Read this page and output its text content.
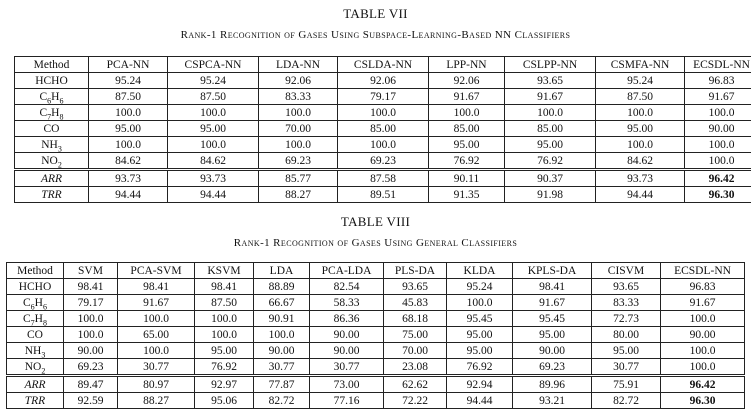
TABLE VII
Rank-1 Recognition of Gases Using Subspace-Learning-Based NN Classifiers
Method	PCA-NN	CSPCA-NN	LDA-NN	CSLDA-NN	LPP-NN	CSLPP-NN	CSMFA-NN	ECSDL-NN
HCHO	95.24	95.24	92.06	92.06	92.06	93.65	95.24	96.83
$C_6H_6$	87.50	87.50	83.33	79.17	91.67	91.67	87.50	91.67
$C_7H_8$	100.0	100.0	100.0	100.0	100.0	100.0	100.0	100.0
CO	95.00	95.00	70.00	85.00	85.00	85.00	95.00	90.00
$NH_3$	100.0	100.0	100.0	100.0	95.00	95.00	100.0	100.0
$NO_2$	84.62	84.62	69.23	69.23	76.92	76.92	84.62	100.0
ARR	93.73	93.73	85.77	87.58	90.11	90.37	93.73	96.42
TRR	94.44	94.44	88.27	89.51	91.35	91.98	94.44	96.30
TABLE VIII
Rank-1 Recognition of Gases Using General Classifiers
Method	SVM	PCA-SVM	KSVM	LDA	PCA-LDA	PLS-DA	KLDA	KPLS-DA	CISVM	ECSDL-NN
HCHO	98.41	98.41	98.41	88.89	82.54	93.65	95.24	98.41	93.65	96.83
$C_6H_6$	79.17	91.67	87.50	66.67	58.33	45.83	100.0	91.67	83.33	91.67
$C_7H_8$	100.0	100.0	100.0	90.91	86.36	68.18	95.45	95.45	72.73	100.0
CO	100.0	65.00	100.0	100.0	90.00	75.00	95.00	95.00	80.00	90.00
$NH_3$	90.00	100.0	95.00	90.00	90.00	70.00	95.00	90.00	95.00	100.0
$NO_2$	69.23	30.77	76.92	30.77	30.77	23.08	76.92	69.23	30.77	100.0
ARR	89.47	80.97	92.97	77.87	73.00	62.62	92.94	89.96	75.91	96.42
TRR	92.59	88.27	95.06	82.72	77.16	72.22	94.44	93.21	82.72	96.30
